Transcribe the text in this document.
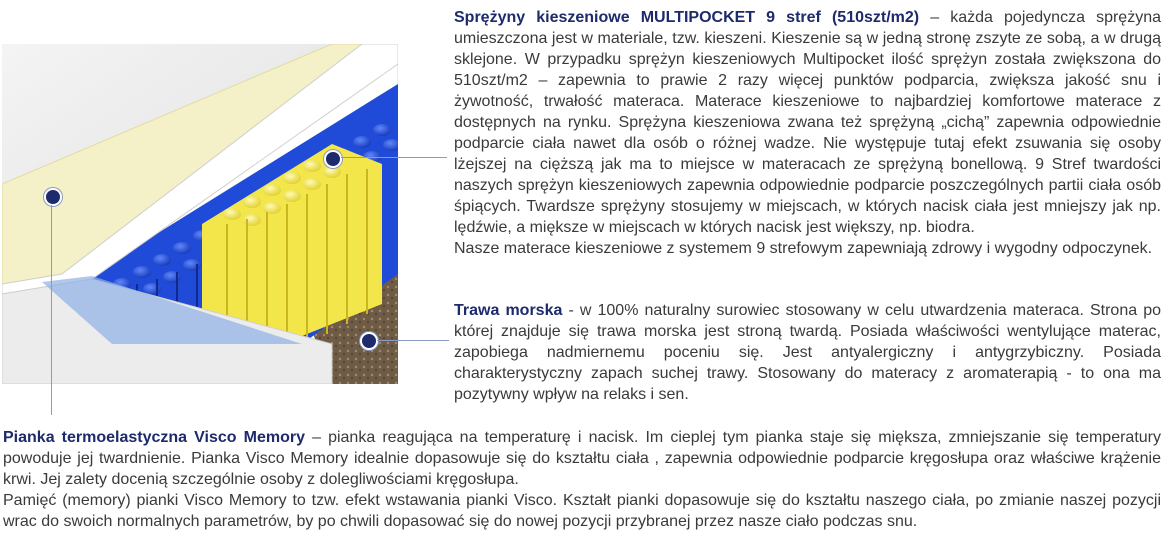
Sprężyny kieszeniowe MULTIPOCKET 9 stref (510szt/m2) – każda pojedyncza sprężyna umieszczona jest w materiale, tzw. kieszeni. Kieszenie są w jedną stronę zszyte ze sobą, a w drugą sklejone. W przypadku sprężyn kieszeniowych Multipocket ilość sprężyn została zwiększona do 510szt/m2 – zapewnia to prawie 2 razy więcej punktów podparcia, zwiększa jakość snu i żywotność, trwałość materaca. Materace kieszeniowe to najbardziej komfortowe materace z dostępnych na rynku. Sprężyna kieszeniowa zwana też sprężyną „cichą” zapewnia odpowiednie podparcie ciała nawet dla osób o różnej wadze. Nie występuje tutaj efekt zsuwania się osoby lżejszej na cięższą jak ma to miejsce w materacach ze sprężyną bonellową. 9 Stref twardości naszych sprężyn kieszeniowych zapewnia odpowiednie podparcie poszczególnych partii ciała osób śpiących. Twardsze sprężyny stosujemy w miejscach, w których nacisk ciała jest mniejszy jak np. lędźwie, a miększe w miejscach w których nacisk jest większy, np. biodra.
Nasze materace kieszeniowe z systemem 9 strefowym zapewniają zdrowy i wygodny odpoczynek.
Trawa morska - w 100% naturalny surowiec stosowany w celu utwardzenia materaca. Strona po której znajduje się trawa morska jest stroną twardą. Posiada właściwości wentylujące materac, zapobiega nadmiernemu poceniu się. Jest antyalergiczny i antygrzybiczny. Posiada charakterystyczny zapach suchej trawy. Stosowany do materacy z aromaterapią - to ona ma pozytywny wpływ na relaks i sen.
Pianka termoelastyczna Visco Memory – pianka reagująca na temperaturę i nacisk. Im cieplej tym pianka staje się miększa, zmniejszanie się temperatury powoduje jej twardnienie. Pianka Visco Memory idealnie dopasowuje się do kształtu ciała , zapewnia odpowiednie podparcie kręgosłupa oraz właściwe krążenie krwi. Jej zalety docenią szczególnie osoby z dolegliwościami kręgosłupa.
Pamięć (memory) pianki Visco Memory to tzw. efekt wstawania pianki Visco. Kształt pianki dopasowuje się do kształtu naszego ciała, po zmianie naszej pozycji wrac do swoich normalnych parametrów, by po chwili dopasować się do nowej pozycji przybranej przez nasze ciało podczas snu.
